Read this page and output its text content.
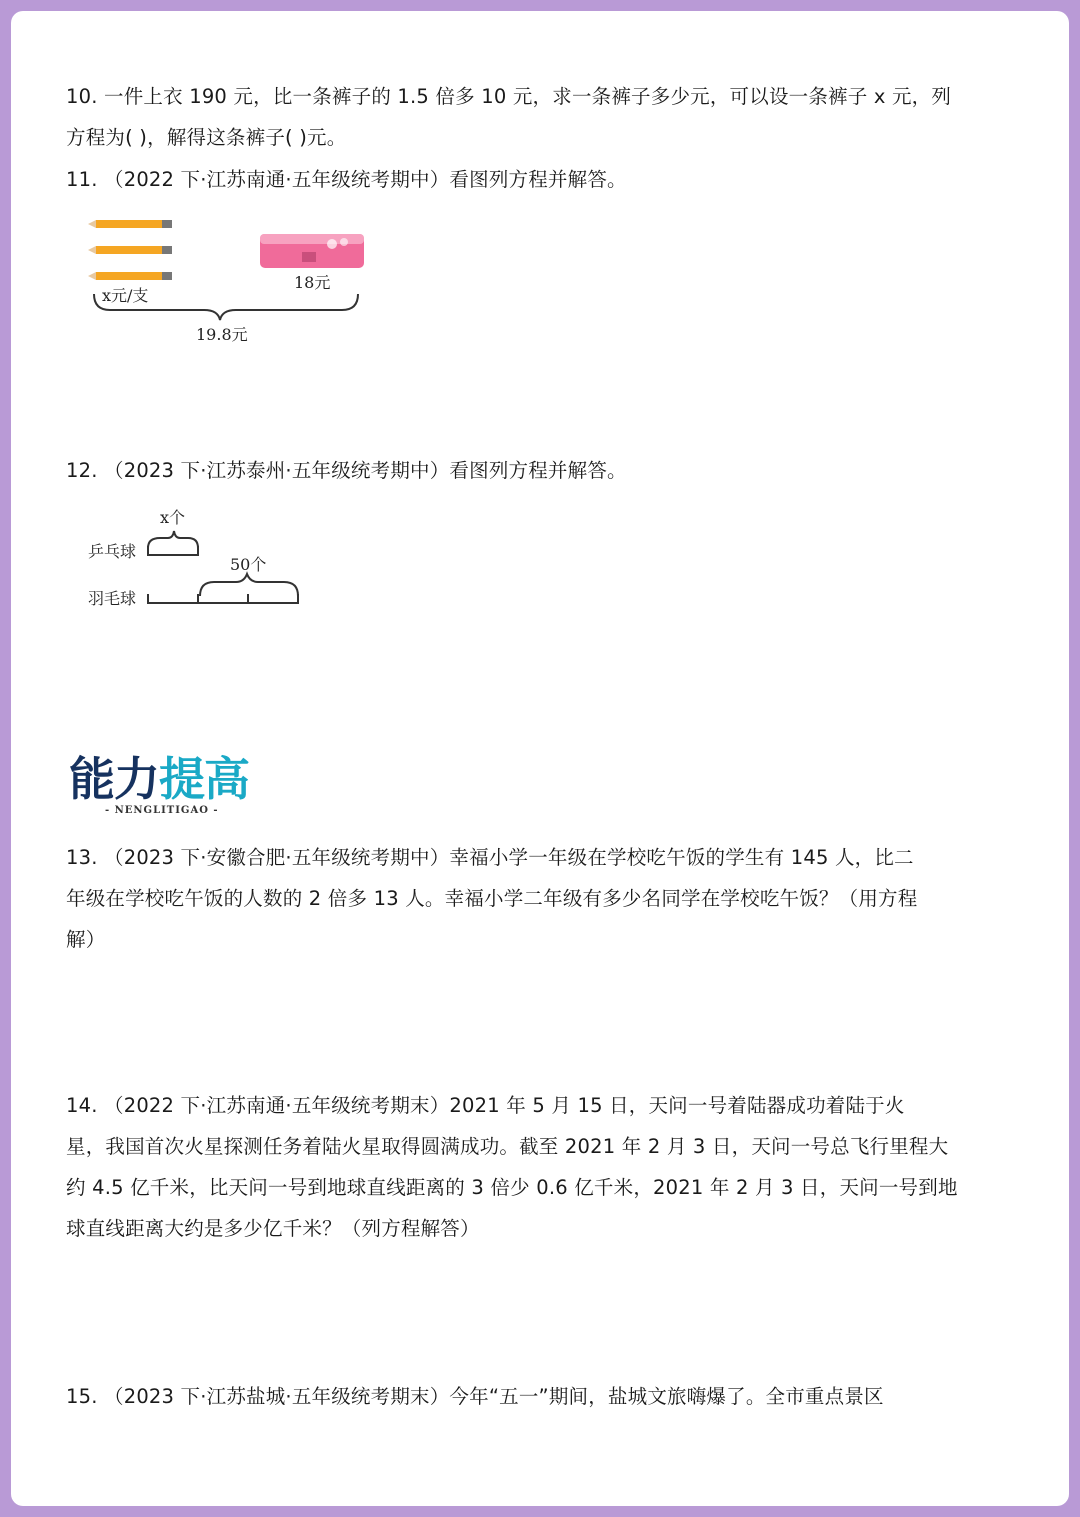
10. 一件上衣 190 元，比一条裤子的 1.5 倍多 10 元，求一条裤子多少元，可以设一条裤子 x 元，列
方程为( )，解得这条裤子( )元。
11. （2022 下·江苏南通·五年级统考期中）看图列方程并解答。
x元/支
18元
19.8元
12. （2023 下·江苏泰州·五年级统考期中）看图列方程并解答。
x个
乒乓球
50个
羽毛球
能力提高
- NENGLITIGAO -
13. （2023 下·安徽合肥·五年级统考期中）幸福小学一年级在学校吃午饭的学生有 145 人，比二
年级在学校吃午饭的人数的 2 倍多 13 人。幸福小学二年级有多少名同学在学校吃午饭？（用方程
解）
14. （2022 下·江苏南通·五年级统考期末）2021 年 5 月 15 日，天问一号着陆器成功着陆于火
星，我国首次火星探测任务着陆火星取得圆满成功。截至 2021 年 2 月 3 日，天问一号总飞行里程大
约 4.5 亿千米，比天问一号到地球直线距离的 3 倍少 0.6 亿千米，2021 年 2 月 3 日，天问一号到地
球直线距离大约是多少亿千米？（列方程解答）
15. （2023 下·江苏盐城·五年级统考期末）今年“五一”期间，盐城文旅嗨爆了。全市重点景区
